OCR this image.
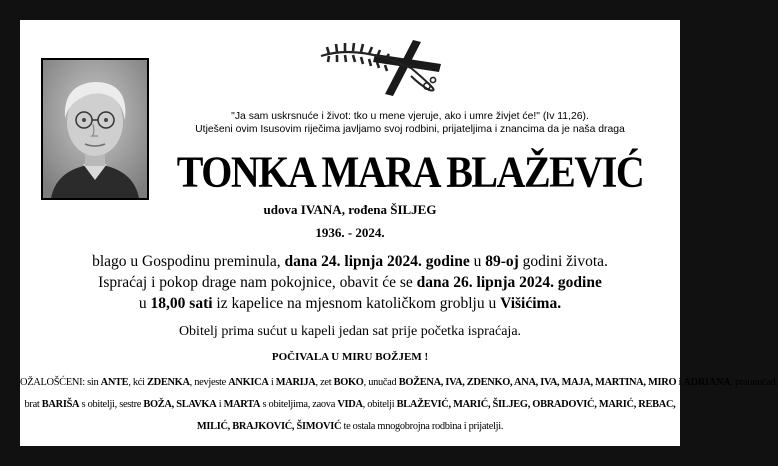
"Ja sam uskrsnuće i život: tko u mene vjeruje, ako i umre živjet će!" (Iv 11,26).
Utješeni ovim Isusovim riječima javljamo svoj rodbini, prijateljima i znancima da je naša draga
TONKA MARA BLAŽEVIĆ
udova IVANA, rođena ŠILJEG
1936. - 2024.
blago u Gospodinu preminula, dana 24. lipnja 2024. godine u 89-oj godini života.
Ispraćaj i pokop drage nam pokojnice, obavit će se dana 26. lipnja 2024. godine
u 18,00 sati iz kapelice na mjesnom katoličkom groblju u Višićima.
Obitelj prima sućut u kapeli jedan sat prije početka ispraćaja.
POČIVALA U MIRU BOŽJEM !
OŽALOŠĆENI: sin ANTE, kći ZDENKA, nevjeste ANKICA i MARIJA, zet BOKO, unučad BOŽENA, IVA, ZDENKO, ANA, IVA, MAJA, MARTINA, MIRO i ADRIANA, praunučad,
brat BARIŠA s obitelji, sestre BOŽA, SLAVKA i MARTA s obiteljima, zaova VIDA, obitelji BLAŽEVIĆ, MARIĆ, ŠILJEG, OBRADOVIĆ, MARIĆ, REBAC,
MILIĆ, BRAJKOVIĆ, ŠIMOVIĆ te ostala mnogobrojna rodbina i prijatelji.
